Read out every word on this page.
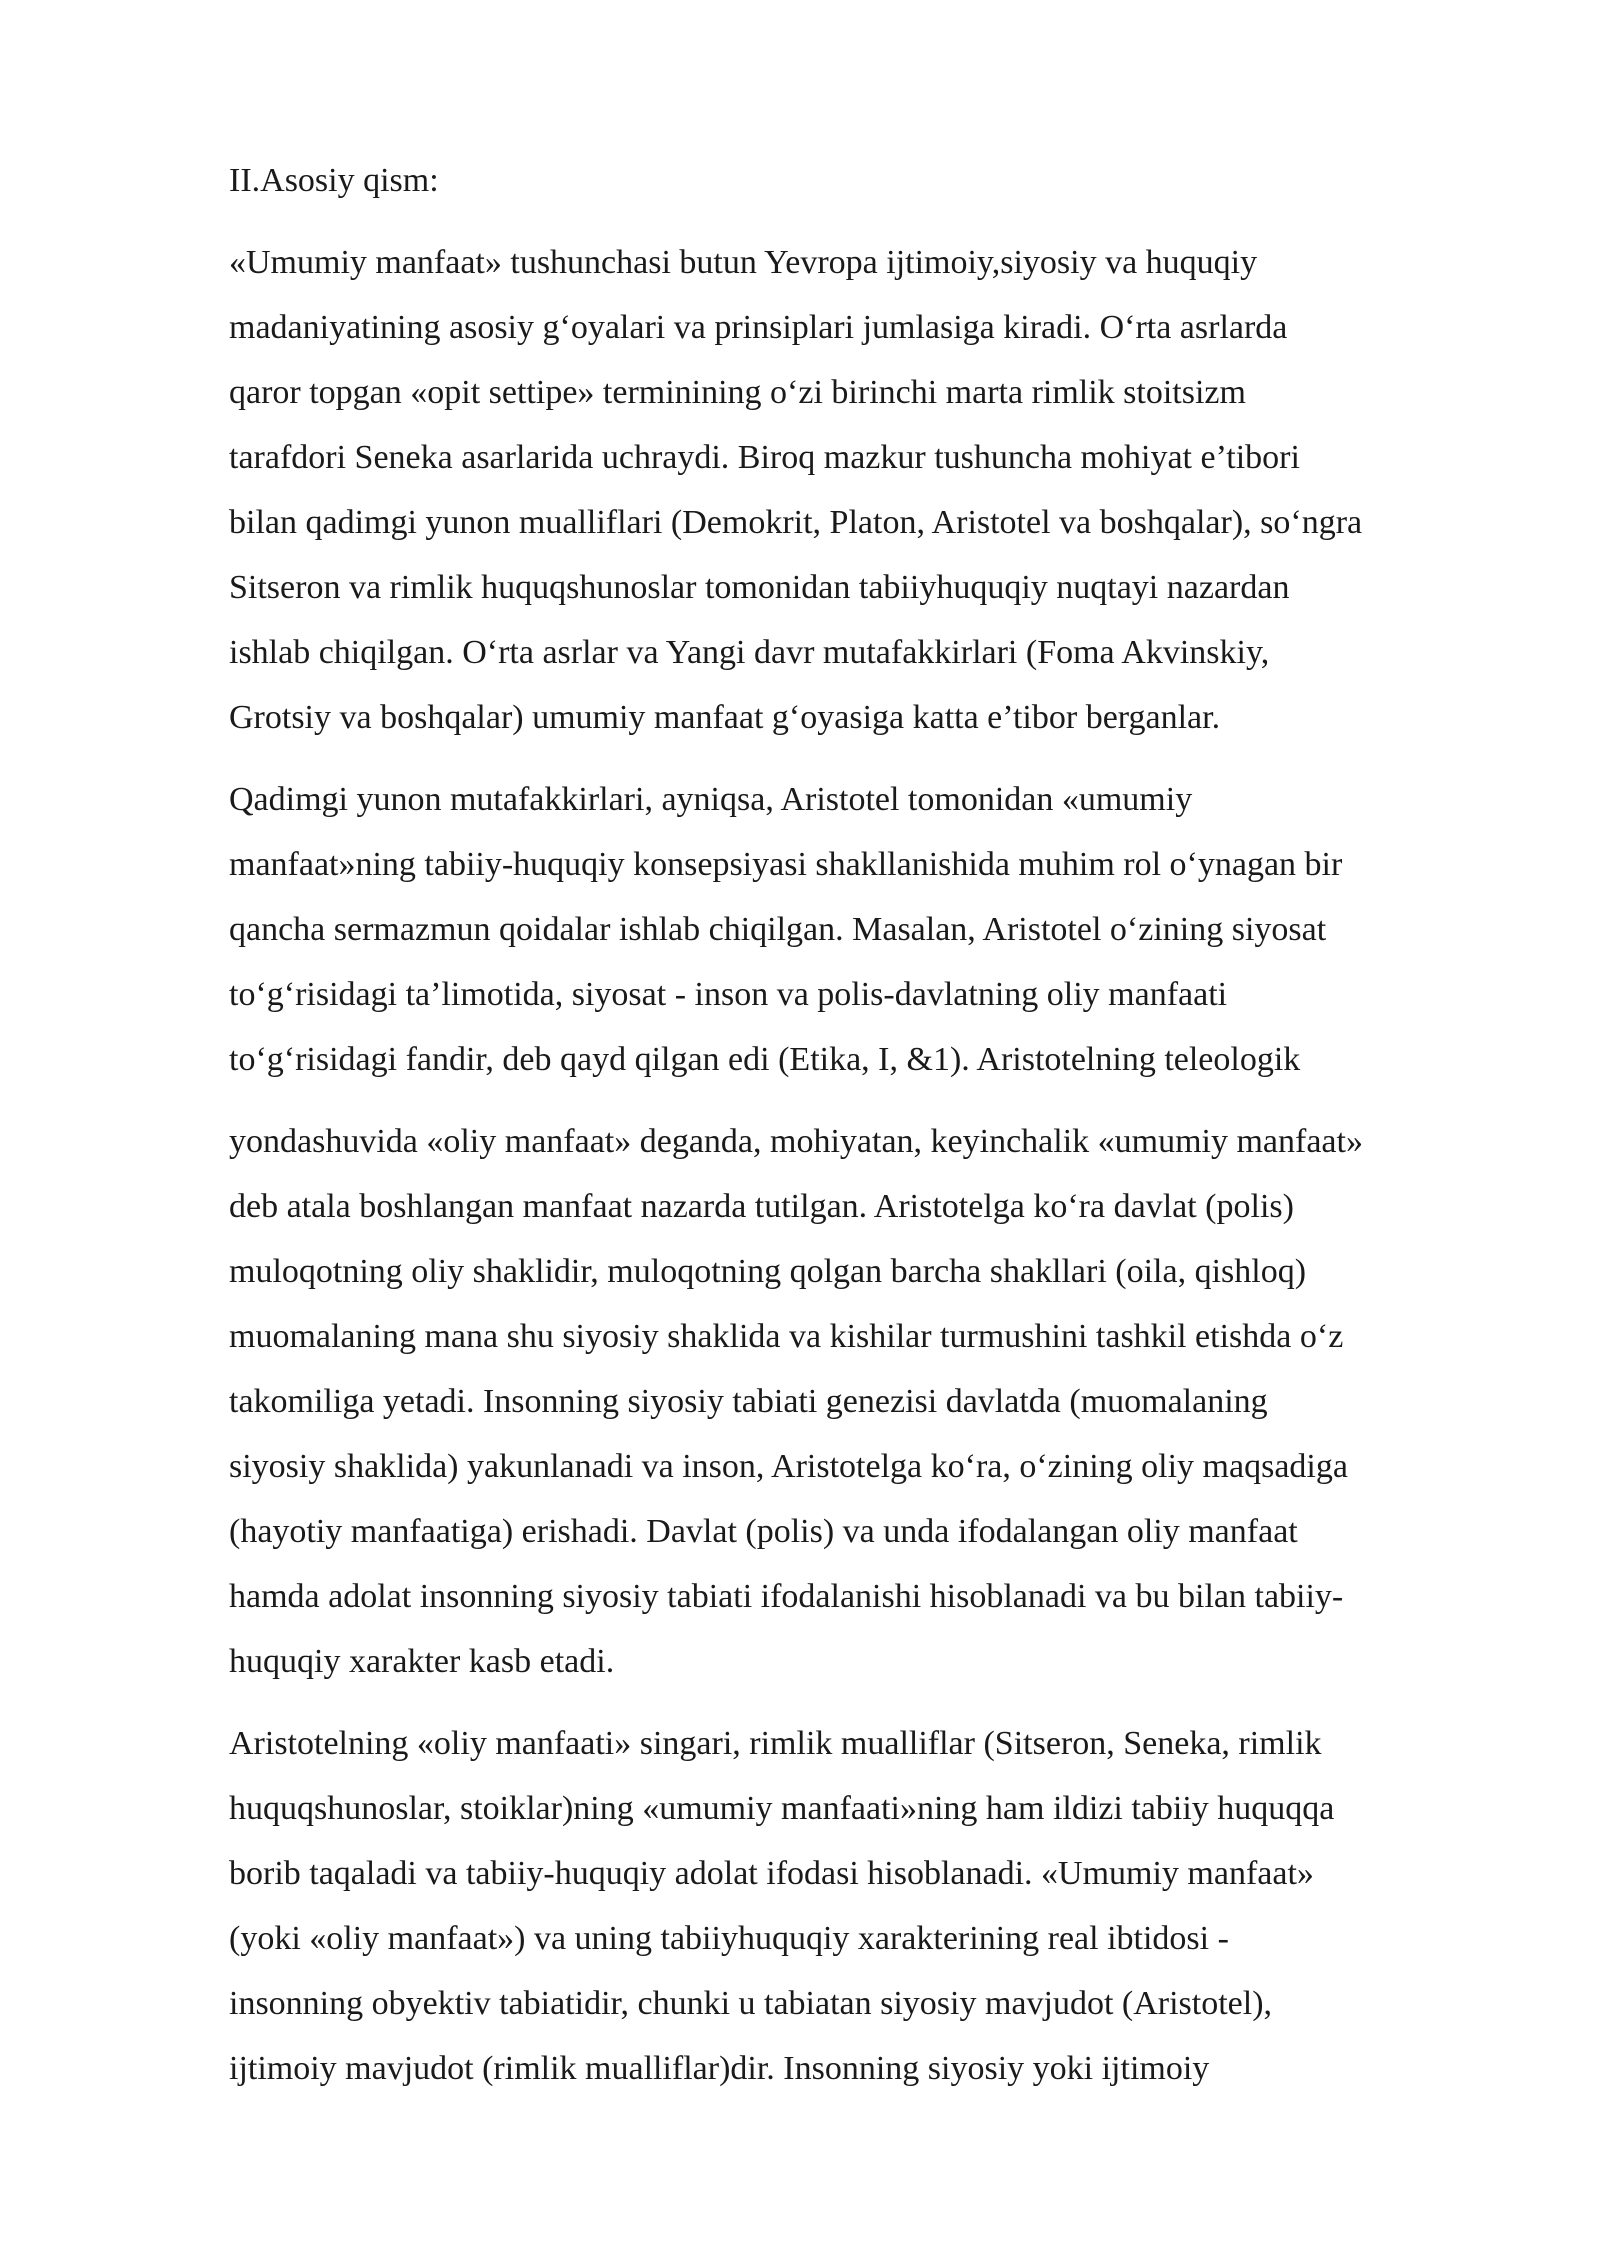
II.Asosiy qism:
«Umumiy manfaat» tushunchasi butun Yevropa ijtimoiy,siyosiy va huquqiy
madaniyatining asosiy g‘oyalari va prinsiplari jumlasiga kiradi. O‘rta asrlarda
qaror topgan «opit settipe» terminining o‘zi birinchi marta rimlik stoitsizm
tarafdori Seneka asarlarida uchraydi. Biroq mazkur tushuncha mohiyat e’tibori
bilan qadimgi yunon mualliflari (Demokrit, Platon, Aristotel va boshqalar), so‘ngra
Sitseron va rimlik huquqshunoslar tomonidan tabiiyhuquqiy nuqtayi nazardan
ishlab chiqilgan. O‘rta asrlar va Yangi davr mutafakkirlari (Foma Akvinskiy,
Grotsiy va boshqalar) umumiy manfaat g‘oyasiga katta e’tibor berganlar.
Qadimgi yunon mutafakkirlari, ayniqsa, Aristotel tomonidan «umumiy
manfaat»ning tabiiy-huquqiy konsepsiyasi shakllanishida muhim rol o‘ynagan bir
qancha sermazmun qoidalar ishlab chiqilgan. Masalan, Aristotel o‘zining siyosat
to‘g‘risidagi ta’limotida, siyosat - inson va polis-davlatning oliy manfaati
to‘g‘risidagi fandir, deb qayd qilgan edi (Etika, I, &1). Aristotelning teleologik
yondashuvida «oliy manfaat» deganda, mohiyatan, keyinchalik «umumiy manfaat»
deb atala boshlangan manfaat nazarda tutilgan. Aristotelga ko‘ra davlat (polis)
muloqotning oliy shaklidir, muloqotning qolgan barcha shakllari (oila, qishloq)
muomalaning mana shu siyosiy shaklida va kishilar turmushini tashkil etishda o‘z
takomiliga yetadi. Insonning siyosiy tabiati genezisi davlatda (muomalaning
siyosiy shaklida) yakunlanadi va inson, Aristotelga ko‘ra, o‘zining oliy maqsadiga
(hayotiy manfaatiga) erishadi. Davlat (polis) va unda ifodalangan oliy manfaat
hamda adolat insonning siyosiy tabiati ifodalanishi hisoblanadi va bu bilan tabiiy-
huquqiy xarakter kasb etadi.
Aristotelning «oliy manfaati» singari, rimlik mualliflar (Sitseron, Seneka, rimlik
huquqshunoslar, stoiklar)ning «umumiy manfaati»ning ham ildizi tabiiy huquqqa
borib taqaladi va tabiiy-huquqiy adolat ifodasi hisoblanadi. «Umumiy manfaat»
(yoki «oliy manfaat») va uning tabiiyhuquqiy xarakterining real ibtidosi -
insonning obyektiv tabiatidir, chunki u tabiatan siyosiy mavjudot (Aristotel),
ijtimoiy mavjudot (rimlik mualliflar)dir. Insonning siyosiy yoki ijtimoiy
